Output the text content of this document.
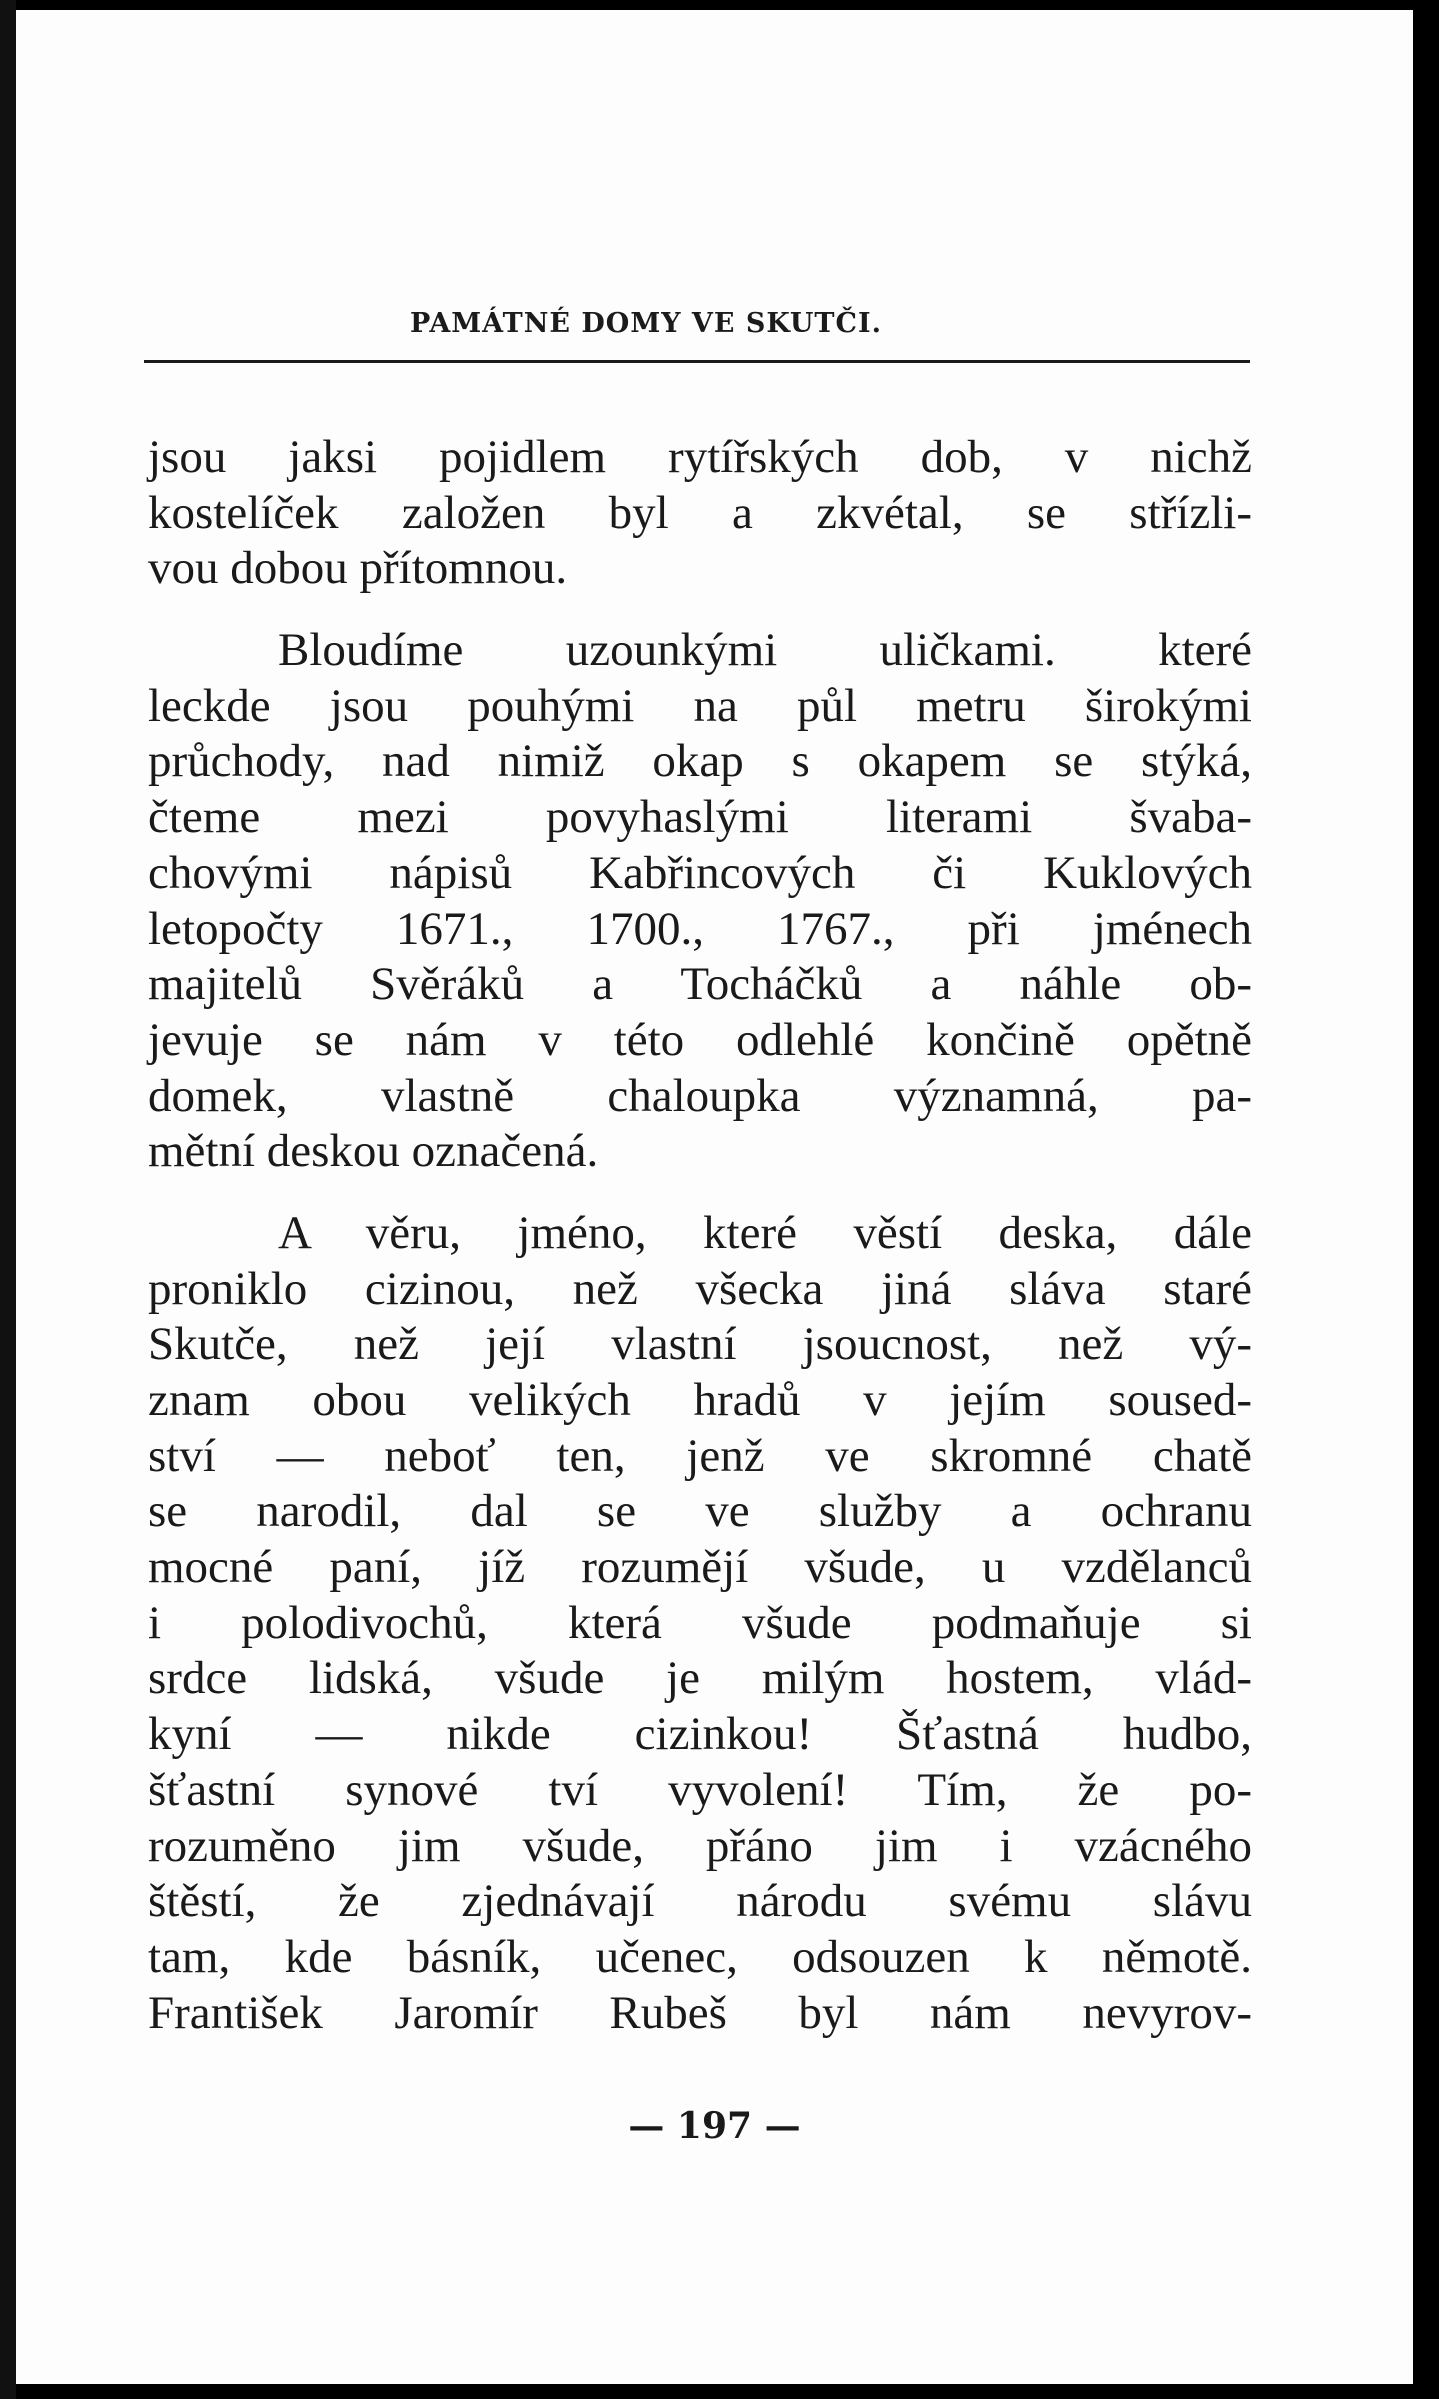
PAMÁTNÉ DOMY VE SKUTČI.
jsou jaksi pojidlem rytířských dob, v nichž
kostelíček založen byl a zkvétal, se střízli-
vou dobou přítomnou.
Bloudíme uzounkými uličkami. které
leckde jsou pouhými na půl metru širokými
průchody, nad nimiž okap s okapem se stýká,
čteme mezi povyhaslými literami švaba-
chovými nápisů Kabřincových či Kuklových
letopočty 1671., 1700., 1767., při jménech
majitelů Svěráků a Tocháčků a náhle ob-
jevuje se nám v této odlehlé končině opětně
domek, vlastně chaloupka významná, pa-
mětní deskou označená.
A věru, jméno, které věstí deska, dále
proniklo cizinou, než všecka jiná sláva staré
Skutče, než její vlastní jsoucnost, než vý-
znam obou velikých hradů v jejím soused-
ství — neboť ten, jenž ve skromné chatě
se narodil, dal se ve služby a ochranu
mocné paní, jíž rozumějí všude, u vzdělanců
i polodivochů, která všude podmaňuje si
srdce lidská, všude je milým hostem, vlád-
kyní — nikde cizinkou! Šťastná hudbo,
šťastní synové tví vyvolení! Tím, že po-
rozuměno jim všude, přáno jim i vzácného
štěstí, že zjednávají národu svému slávu
tam, kde básník, učenec, odsouzen k němotě.
František Jaromír Rubeš byl nám nevyrov-
— 197 —
